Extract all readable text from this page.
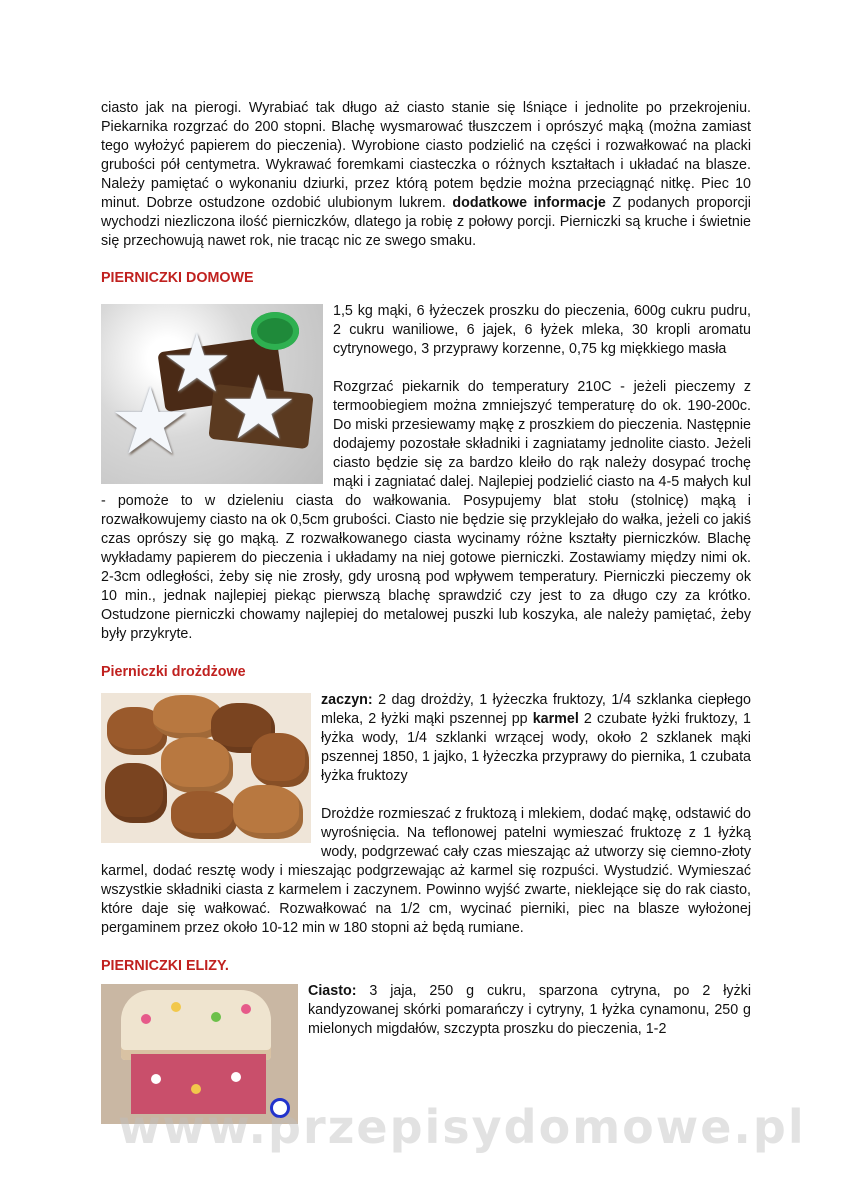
ciasto jak na pierogi. Wyrabiać tak długo aż ciasto stanie się lśniące i jednolite po przekrojeniu. Piekarnika rozgrzać do 200 stopni. Blachę wysmarować tłuszczem i oprószyć mąką (można zamiast tego wyłożyć papierem do pieczenia). Wyrobione ciasto podzielić na części i rozwałkować na placki grubości pół centymetra. Wykrawać foremkami ciasteczka o różnych kształtach i układać na blasze. Należy pamiętać o wykonaniu dziurki, przez którą potem będzie można przeciągnąć nitkę. Piec 10 minut. Dobrze ostudzone ozdobić ulubionym lukrem. dodatkowe informacje Z podanych proporcji wychodzi niezliczona ilość pierniczków, dlatego ja robię z połowy porcji. Pierniczki są kruche i świetnie się przechowują nawet rok, nie tracąc nic ze swego smaku.

PIERNICZKI DOMOWE
★
★
★

1,5 kg mąki, 6 łyżeczek proszku do pieczenia, 600g cukru pudru, 2 cukru waniliowe, 6 jajek, 6 łyżek mleka, 30 kropli aromatu cytrynowego, 3 przyprawy korzenne, 0,75 kg miękkiego masła

Rozgrzać piekarnik do temperatury 210C - jeżeli pieczemy z termoobiegiem można zmniejszyć temperaturę do ok. 190-200c. Do miski przesiewamy mąkę z proszkiem do pieczenia. Następnie dodajemy pozostałe składniki i zagniatamy jednolite ciasto. Jeżeli ciasto będzie się za bardzo kleiło do rąk należy dosypać trochę mąki i zagniatać dalej. Najlepiej podzielić ciasto na 4-5 małych kul - pomoże to w dzieleniu ciasta do wałkowania. Posypujemy blat stołu (stolnicę) mąką i rozwałkowujemy ciasto na ok 0,5cm grubości. Ciasto nie będzie się przyklejało do wałka, jeżeli co jakiś czas oprószy się go mąką. Z rozwałkowanego ciasta wycinamy różne kształty pierniczków. Blachę wykładamy papierem do pieczenia i układamy na niej gotowe pierniczki. Zostawiamy między nimi ok. 2-3cm odległości, żeby się nie zrosły, gdy urosną pod wpływem temperatury. Pierniczki pieczemy ok 10 min., jednak najlepiej piekąc pierwszą blachę sprawdzić czy jest to za długo czy za krótko. Ostudzone pierniczki chowamy najlepiej do metalowej puszki lub koszyka, ale należy pamiętać, żeby były przykryte.

Pierniczki drożdżowe

zaczyn: 2 dag drożdży, 1 łyżeczka fruktozy, 1/4 szklanka ciepłego mleka, 2 łyżki mąki pszennej pp karmel 2 czubate łyżki fruktozy, 1 łyżka wody, 1/4 szklanki wrzącej wody, około 2 szklanek mąki pszennej 1850, 1 jajko, 1 łyżeczka przyprawy do piernika, 1 czubata łyżka fruktozy

Drożdże rozmieszać z fruktozą i mlekiem, dodać mąkę, odstawić do wyrośnięcia. Na teflonowej patelni wymieszać fruktozę z 1 łyżką wody, podgrzewać cały czas mieszając aż utworzy się ciemno-złoty karmel, dodać resztę wody i mieszając podgrzewając aż karmel się rozpuści. Wystudzić. Wymieszać wszystkie składniki ciasta z karmelem i zaczynem. Powinno wyjść zwarte, nieklejące się do rak ciasto, które daje się wałkować. Rozwałkować na 1/2 cm, wycinać pierniki, piec na blasze wyłożonej pergaminem przez około 10-12 min w 180 stopni aż będą rumiane.

PIERNICZKI ELIZY.

Ciasto: 3 jaja, 250 g cukru, sparzona cytryna, po 2 łyżki kandyzowanej skórki pomarańczy i cytryny, 1 łyżka cynamonu, 250 g mielonych migdałów, szczypta proszku do pieczenia, 1-2

www.przepisydomowe.pl
